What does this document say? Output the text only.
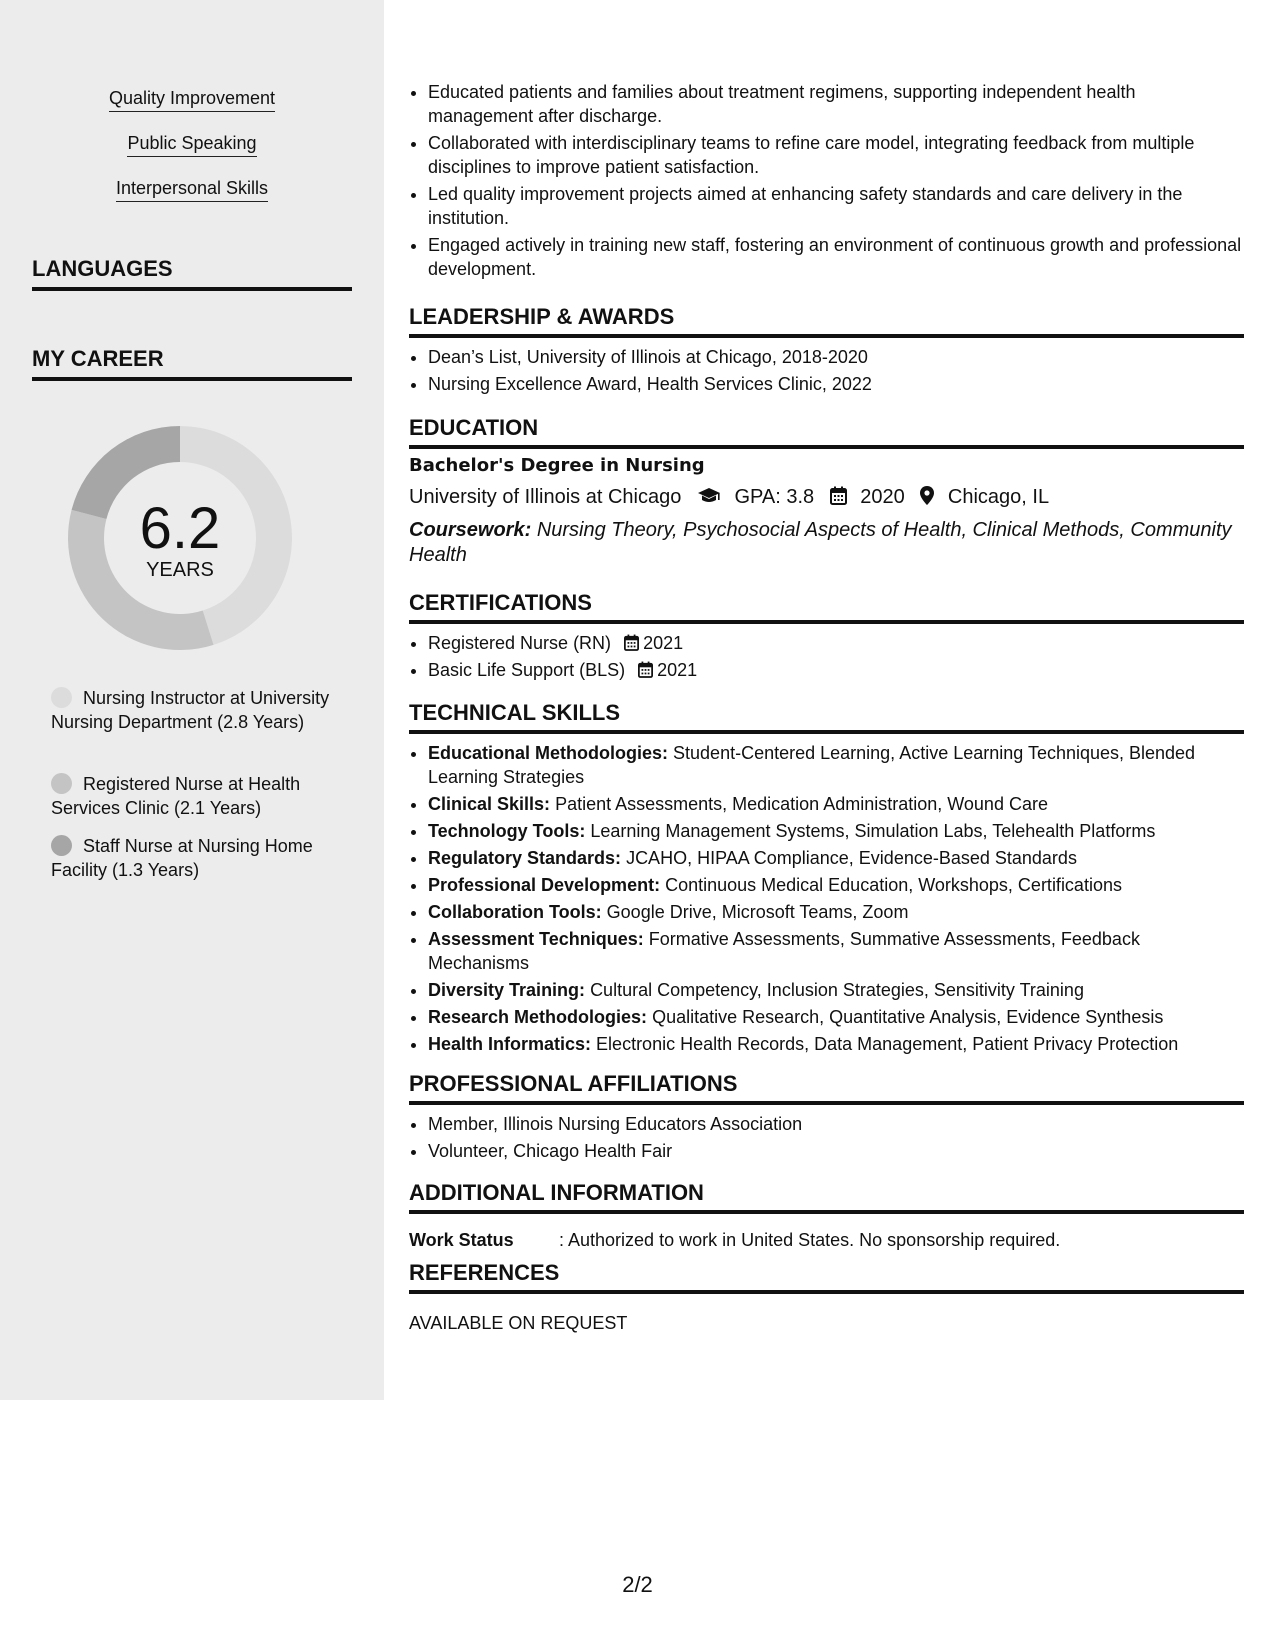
Quality Improvement
Public Speaking
Interpersonal Skills
LANGUAGES
MY CAREER
6.2
YEARS
Nursing Instructor at University Nursing Department (2.8 Years)
Registered Nurse at Health Services Clinic (2.1 Years)
Staff Nurse at Nursing Home Facility (1.3 Years)
• Educated patients and families about treatment regimens, supporting independent health management after discharge.
• Collaborated with interdisciplinary teams to refine care model, integrating feedback from multiple disciplines to improve patient satisfaction.
• Led quality improvement projects aimed at enhancing safety standards and care delivery in the institution.
• Engaged actively in training new staff, fostering an environment of continuous growth and professional development.
LEADERSHIP & AWARDS
• Dean’s List, University of Illinois at Chicago, 2018-2020
• Nursing Excellence Award, Health Services Clinic, 2022
EDUCATION
Bachelor's Degree in Nursing
University of Illinois at Chicago	GPA: 3.8 2020 Chicago, IL
Coursework: Nursing Theory, Psychosocial Aspects of Health, Clinical Methods, Community Health
CERTIFICATIONS
• Registered Nurse (RN) 2021
• Basic Life Support (BLS) 2021
TECHNICAL SKILLS
• Educational Methodologies: Student-Centered Learning, Active Learning Techniques, Blended Learning Strategies
• Clinical Skills: Patient Assessments, Medication Administration, Wound Care
• Technology Tools: Learning Management Systems, Simulation Labs, Telehealth Platforms
• Regulatory Standards: JCAHO, HIPAA Compliance, Evidence-Based Standards
• Professional Development: Continuous Medical Education, Workshops, Certifications
• Collaboration Tools: Google Drive, Microsoft Teams, Zoom
• Assessment Techniques: Formative Assessments, Summative Assessments, Feedback Mechanisms
• Diversity Training: Cultural Competency, Inclusion Strategies, Sensitivity Training
• Research Methodologies: Qualitative Research, Quantitative Analysis, Evidence Synthesis
• Health Informatics: Electronic Health Records, Data Management, Patient Privacy Protection
PROFESSIONAL AFFILIATIONS
• Member, Illinois Nursing Educators Association
• Volunteer, Chicago Health Fair
ADDITIONAL INFORMATION
Work Status	: Authorized to work in United States. No sponsorship required.
REFERENCES
AVAILABLE ON REQUEST
2/2
